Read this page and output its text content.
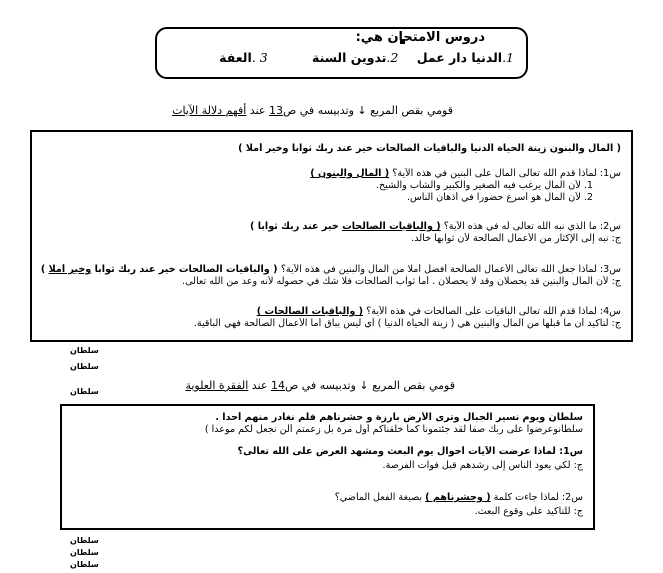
دروس الامتحان هي:
1.الدنيا دار عمل 2.تدوين السنة 3 .العفة
قومي بقص المربع ↓ وتدبيسه في ص13 عند أفهم دلالة الآيات
( المال والبنون زينة الحياة الدنيا والباقيات الصالحات خير عند ربك ثوابا وخير أملا )
س1: لماذا قدم الله تعالى المال على البنين في هذه الآية؟ ( المال والبنون )
1. لأن المال يرغب فيه الصغير والكبير والشاب والشيخ.
2. لأن المال هو أسرع حضورا في أذهان الناس.
س2: ما الذي نبه الله تعالى له في هذه الآية؟ ( والباقيات الصالحات خير عند ربك ثوابا )
ج: نبه إلى الإكثار من الأعمال الصالحة لأن ثوابها خالد.
س3: لماذا جعل الله تعالى الأعمال الصالحة أفضل أملا من المال والبنين في هذه الآية؟ ( والباقيات الصالحات خير عند ربك ثوابا وخير أملا )
ج: لأن المال والبنين قد يحصلان وقد لا يحصلان . أما ثواب الصالحات فلا شك في حصوله لأنه وعد من الله تعالى.
س4: لماذا قدم الله تعالى الباقيات على الصالحات في هذه الآية؟ ( والباقيات الصالحات )
ج: لتأكيد أن ما قبلها من المال والبنين هي ( زينة الحياة الدنيا ) أي ليس بباق أما الأعمال الصالحة فهي الباقية.
سلطان
سلطان
قومي بقص المربع ↓ وتدبيسه في ص14 عند الفقرة العلوية
سلطان
سلطان ويوم نسير الجبال وترى الأرض بارزة و حشرناهم فلم نغادر منهم أحدا .
سلطانوعرضوا على ربك صفا لقد جئتمونا كما خلقناكم أول مرة بل زعمتم ألن نجعل لكم موعدا )
س1: لماذا عرضت الآيات أحوال يوم البعث ومشهد العرض على الله تعالى؟
ج: لكي يعود الناس إلى رشدهم قبل فوات الفرصة.
س2: لماذا جاءت كلمة ( وحشرناهم ) بصيغة الفعل الماضي؟
ج: للتأكيد على وقوع البعث.
سلطان
سلطان
سلطان
